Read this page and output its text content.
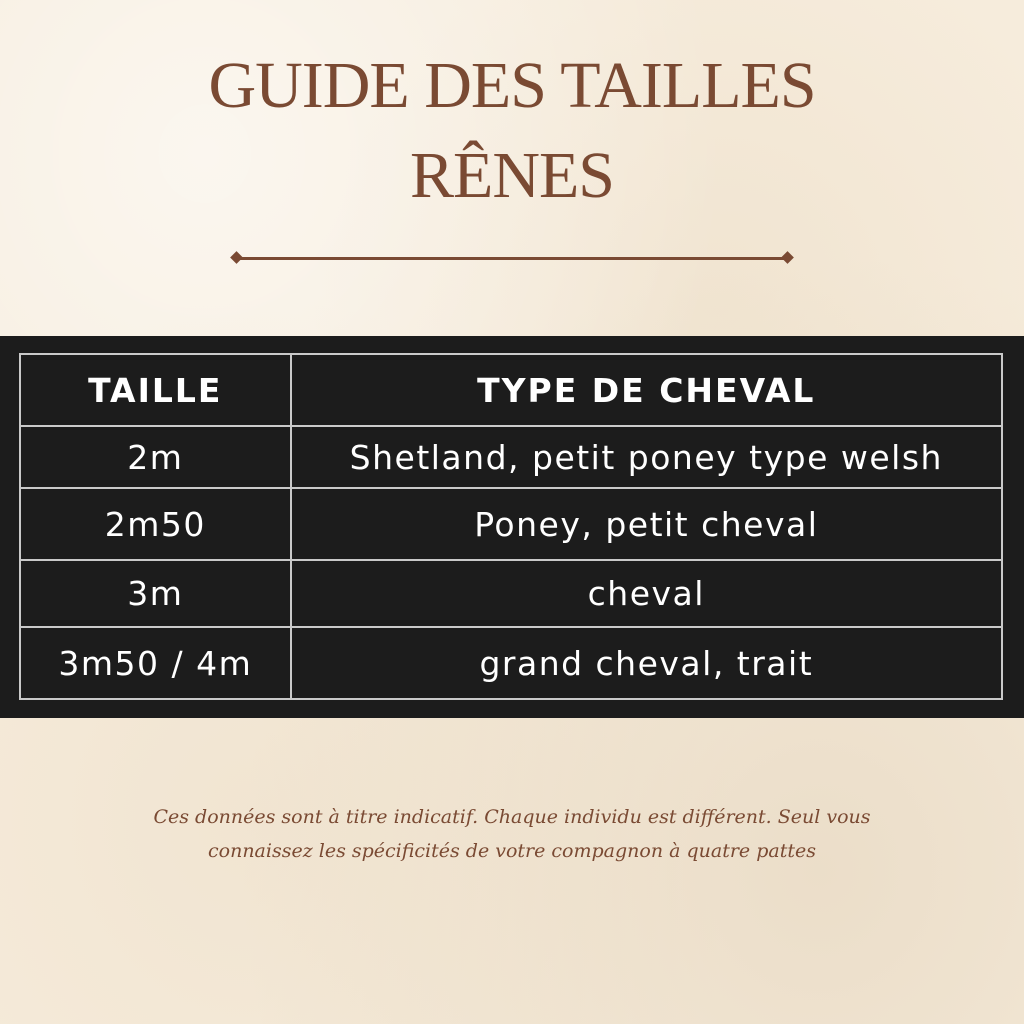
GUIDE DES TAILLES
RÊNES
TAILLE	TYPE DE CHEVAL
2m	Shetland, petit poney type welsh
2m50	Poney, petit cheval
3m	cheval
3m50 / 4m	grand cheval, trait

Ces données sont à titre indicatif. Chaque individu est différent. Seul vous

connaissez les spécificités de votre compagnon à quatre pattes
